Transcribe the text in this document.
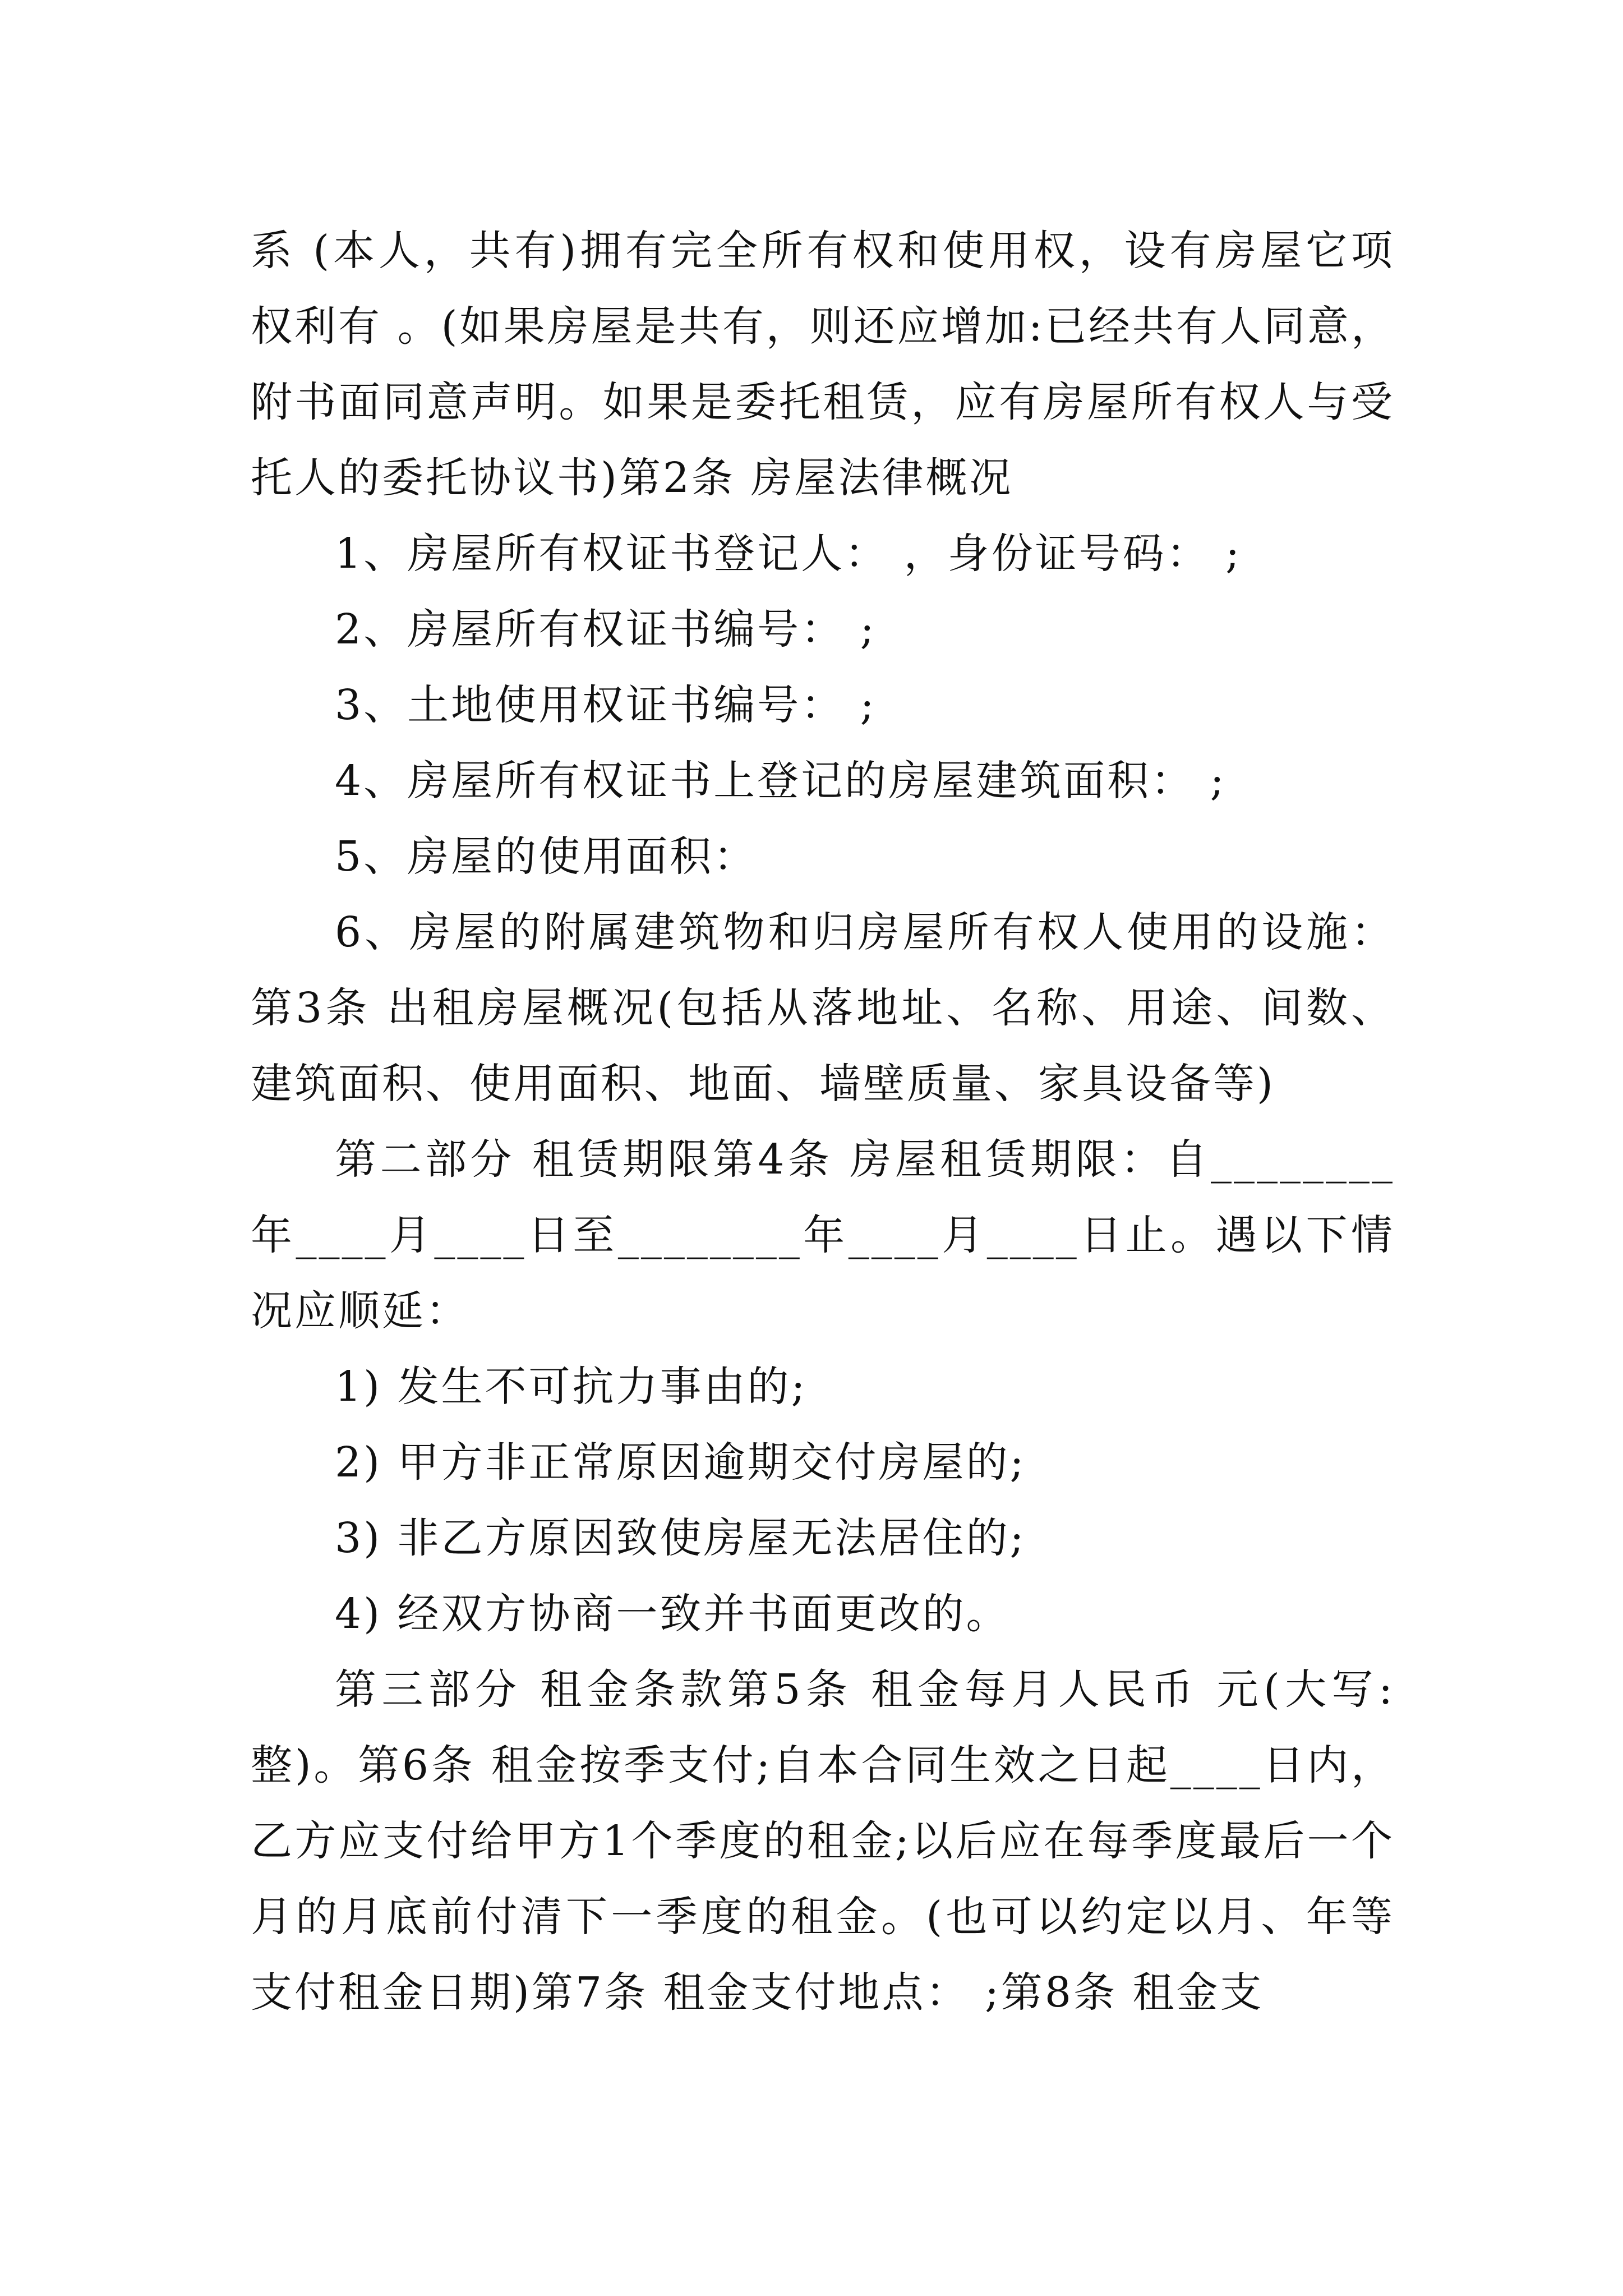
系 (本人，共有)拥有完全所有权和使用权，设有房屋它项权利有 。(如果房屋是共有，则还应增加:已经共有人同意，附书面同意声明。如果是委托租赁，应有房屋所有权人与受托人的委托协议书)第2条 房屋法律概况

1、房屋所有权证书登记人： ，身份证号码： ;

2、房屋所有权证书编号： ;

3、土地使用权证书编号： ;

4、房屋所有权证书上登记的房屋建筑面积： ;

5、房屋的使用面积：

6、房屋的附属建筑物和归房屋所有权人使用的设施：第3条 出租房屋概况(包括从落地址、名称、用途、间数、建筑面积、使用面积、地面、墙壁质量、家具设备等)

第二部分 租赁期限第4条 房屋租赁期限：自________年____月____日至________年____月____日止。遇以下情况应顺延：

1) 发生不可抗力事由的;

2) 甲方非正常原因逾期交付房屋的;

3) 非乙方原因致使房屋无法居住的;

4) 经双方协商一致并书面更改的。

第三部分 租金条款第5条 租金每月人民币 元(大写:整)。第6条 租金按季支付;自本合同生效之日起____日内，乙方应支付给甲方1个季度的租金;以后应在每季度最后一个月的月底前付清下一季度的租金。(也可以约定以月、年等支付租金日期)第7条 租金支付地点： ;第8条 租金支
